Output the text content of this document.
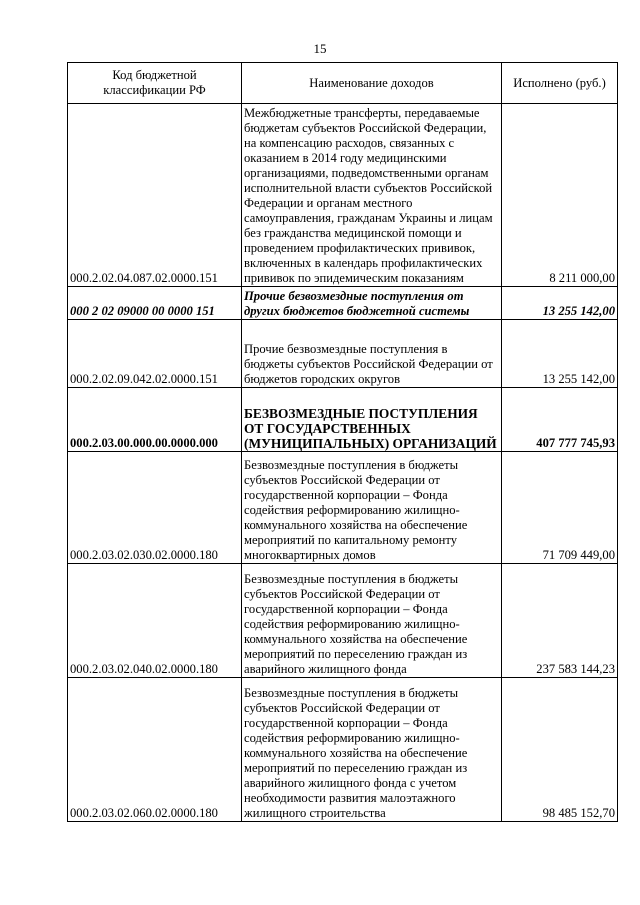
15
Код бюджетной классификации РФ	Наименование доходов	Исполнено (руб.)
000.2.02.04.087.02.0000.151	Межбюджетные трансферты, передаваемые бюджетам субъектов Российской Федерации, на компенсацию расходов, связанных с оказанием в 2014 году медицинскими организациями, подведомственными органам исполнительной власти субъектов Российской Федерации и органам местного самоуправления, гражданам Украины и лицам без гражданства медицинской помощи и проведением профилактических прививок, включенных в календарь профилактических прививок по эпидемическим показаниям	8 211 000,00
000 2 02 09000 00 0000 151	Прочие безвозмездные поступления от других бюджетов бюджетной системы	13 255 142,00
000.2.02.09.042.02.0000.151	Прочие безвозмездные поступления в бюджеты субъектов Российской Федерации от бюджетов городских округов	13 255 142,00
000.2.03.00.000.00.0000.000	БЕЗВОЗМЕЗДНЫЕ ПОСТУПЛЕНИЯ ОТ ГОСУДАРСТВЕННЫХ (МУНИЦИПАЛЬНЫХ) ОРГАНИЗАЦИЙ	407 777 745,93
000.2.03.02.030.02.0000.180	Безвозмездные поступления в бюджеты субъектов Российской Федерации от государственной корпорации – Фонда содействия реформированию жилищно-коммунального хозяйства на обеспечение мероприятий по капитальному ремонту многоквартирных домов	71 709 449,00
000.2.03.02.040.02.0000.180	Безвозмездные поступления в бюджеты субъектов Российской Федерации от государственной корпорации – Фонда содействия реформированию жилищно-коммунального хозяйства на обеспечение мероприятий по переселению граждан из аварийного жилищного фонда	237 583 144,23
000.2.03.02.060.02.0000.180	Безвозмездные поступления в бюджеты субъектов Российской Федерации от государственной корпорации – Фонда содействия реформированию жилищно-коммунального хозяйства на обеспечение мероприятий по переселению граждан из аварийного жилищного фонда с учетом необходимости развития малоэтажного жилищного строительства	98 485 152,70
